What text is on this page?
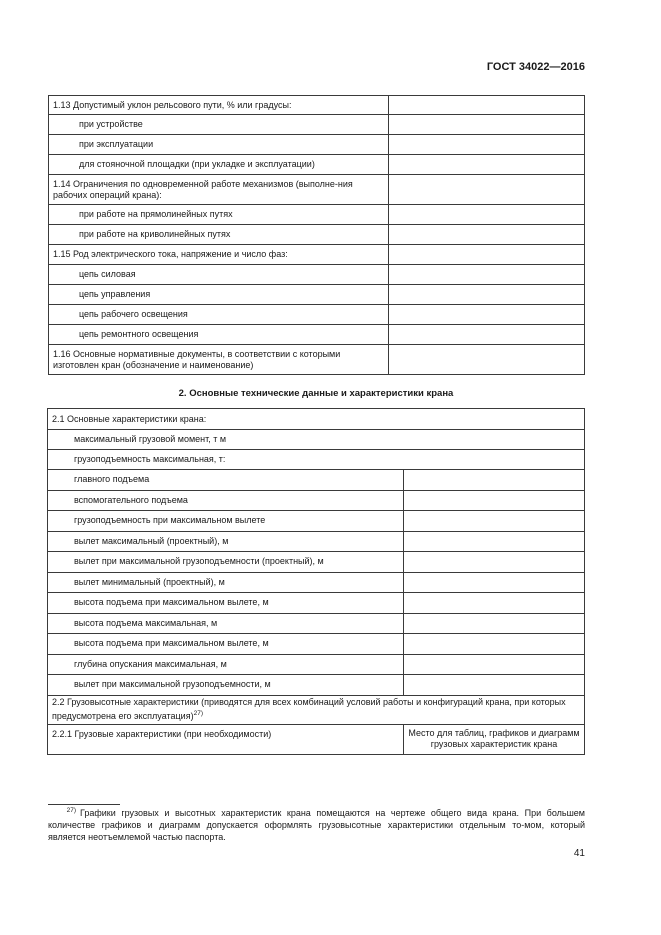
ГОСТ 34022—2016
1.13 Допустимый уклон рельсового пути, % или градусы:	
при устройстве	
при эксплуатации	
для стояночной площадки (при укладке и эксплуатации)	
1.14 Ограничения по одновременной работе механизмов (выполне-ния рабочих операций крана):	
при работе на прямолинейных путях	
при работе на криволинейных путях	
1.15 Род электрического тока, напряжение и число фаз:	
цепь силовая	
цепь управления	
цепь рабочего освещения	
цепь ремонтного освещения	
1.16 Основные нормативные документы, в соответствии с которыми изготовлен кран (обозначение и наименование)	
2. Основные технические данные и характеристики крана
2.1 Основные характеристики крана:	
максимальный грузовой момент, т м	
грузоподъемность максимальная, т:	
главного подъема	
вспомогательного подъема	
грузоподъемность при максимальном вылете	
вылет максимальный (проектный), м	
вылет при максимальной грузоподъемности (проектный), м	
вылет минимальный (проектный), м	
высота подъема при максимальном вылете, м	
высота подъема максимальная, м	
высота подъема при максимальном вылете, м	
глубина опускания максимальная, м	
вылет при максимальной грузоподъемности, м	
2.2 Грузовысотные характеристики (приводятся для всех комбинаций условий работы и конфигураций крана, при которых предусмотрена его эксплуатация)$^{27)}$
2.2.1 Грузовые характеристики (при необходимости)	Место для таблиц, графиков и диаграмм грузовых характеристик крана
$^{27)}$ Графики грузовых и высотных характеристик крана помещаются на чертеже общего вида крана. При большем количестве графиков и диаграмм допускается оформлять грузовысотные характеристики отдельным то-мом, который является неотъемлемой частью паспорта.
41
